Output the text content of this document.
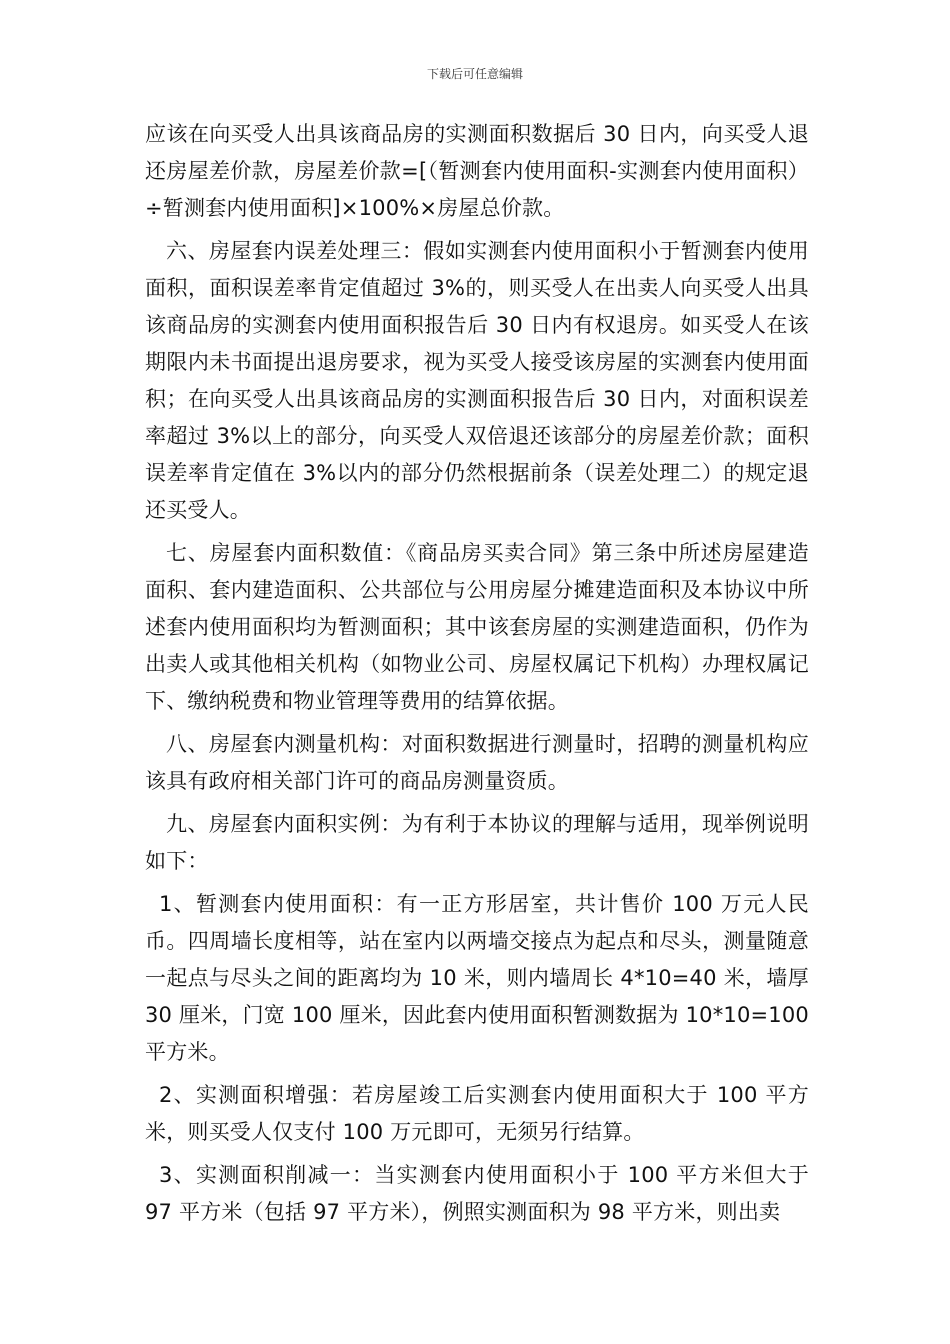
下载后可任意编辑

应该在向买受人出具该商品房的实测面积数据后 30 日内，向买受人退还房屋差价款，房屋差价款=[（暂测套内使用面积-实测套内使用面积）÷暂测套内使用面积]×100%×房屋总价款。

六、房屋套内误差处理三：假如实测套内使用面积小于暂测套内使用面积，面积误差率肯定值超过 3%的，则买受人在出卖人向买受人出具该商品房的实测套内使用面积报告后 30 日内有权退房。如买受人在该期限内未书面提出退房要求，视为买受人接受该房屋的实测套内使用面积；在向买受人出具该商品房的实测面积报告后 30 日内，对面积误差率超过 3%以上的部分，向买受人双倍退还该部分的房屋差价款；面积误差率肯定值在 3%以内的部分仍然根据前条（误差处理二）的规定退还买受人。

七、房屋套内面积数值：《商品房买卖合同》第三条中所述房屋建造面积、套内建造面积、公共部位与公用房屋分摊建造面积及本协议中所述套内使用面积均为暂测面积；其中该套房屋的实测建造面积，仍作为出卖人或其他相关机构（如物业公司、房屋权属记下机构）办理权属记下、缴纳税费和物业管理等费用的结算依据。

八、房屋套内测量机构：对面积数据进行测量时，招聘的测量机构应该具有政府相关部门许可的商品房测量资质。

九、房屋套内面积实例：为有利于本协议的理解与适用，现举例说明如下：

1、暂测套内使用面积：有一正方形居室，共计售价 100 万元人民币。四周墙长度相等，站在室内以两墙交接点为起点和尽头，测量随意一起点与尽头之间的距离均为 10 米，则内墙周长 4*10=40 米，墙厚 30 厘米，门宽 100 厘米，因此套内使用面积暂测数据为 10*10=100 平方米。

2、实测面积增强：若房屋竣工后实测套内使用面积大于 100 平方米，则买受人仅支付 100 万元即可，无须另行结算。

3、实测面积削减一：当实测套内使用面积小于 100 平方米但大于 97 平方米（包括 97 平方米），例照实测面积为 98 平方米，则出卖
